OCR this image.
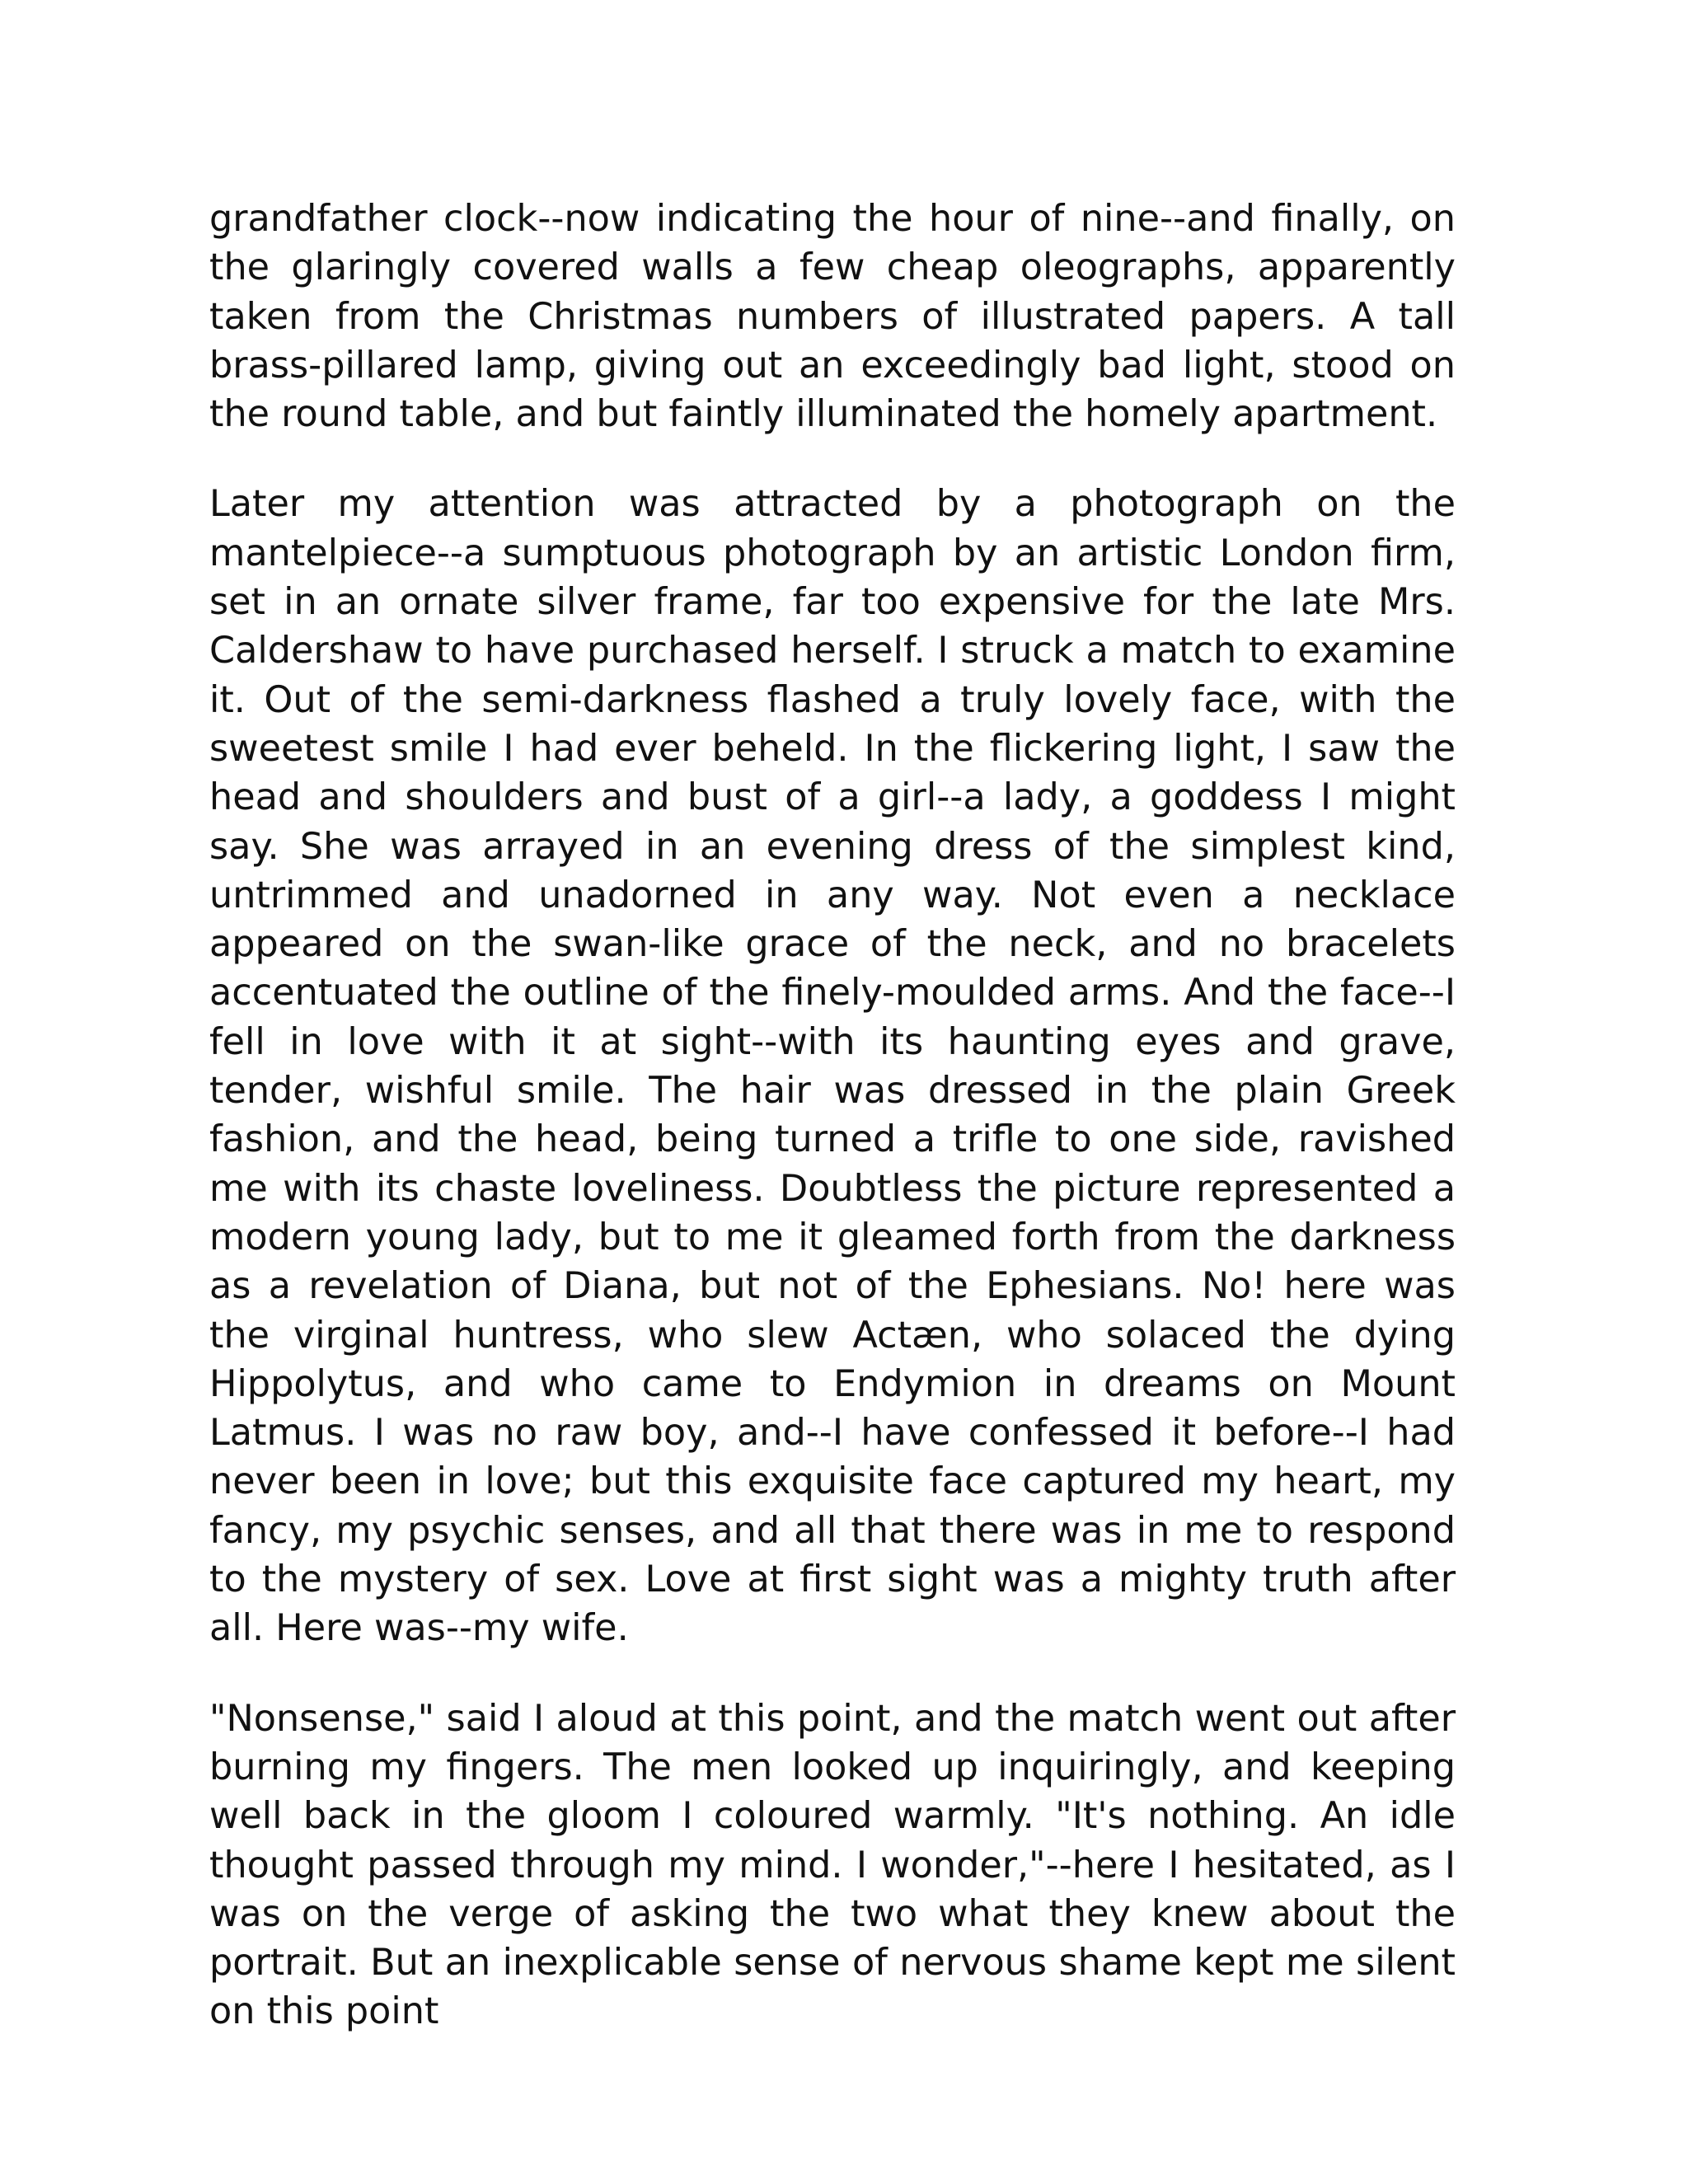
grandfather clock--now indicating the hour of nine--and finally, on the glaringly covered walls a few cheap oleographs, apparently taken from the Christmas numbers of illustrated papers. A tall brass-pillared lamp, giving out an exceedingly bad light, stood on the round table, and but faintly illuminated the homely apartment.

Later my attention was attracted by a photograph on the mantelpiece--a sumptuous photograph by an artistic London firm, set in an ornate silver frame, far too expensive for the late Mrs. Caldershaw to have purchased herself. I struck a match to examine it. Out of the semi-darkness flashed a truly lovely face, with the sweetest smile I had ever beheld. In the flickering light, I saw the head and shoulders and bust of a girl--a lady, a goddess I might say. She was arrayed in an evening dress of the simplest kind, untrimmed and unadorned in any way. Not even a necklace appeared on the swan-like grace of the neck, and no bracelets accentuated the outline of the finely-moulded arms. And the face--I fell in love with it at sight--with its haunting eyes and grave, tender, wishful smile. The hair was dressed in the plain Greek fashion, and the head, being turned a trifle to one side, ravished me with its chaste loveliness. Doubtless the picture represented a modern young lady, but to me it gleamed forth from the darkness as a revelation of Diana, but not of the Ephesians. No! here was the virginal huntress, who slew Actæn, who solaced the dying Hippolytus, and who came to Endymion in dreams on Mount Latmus. I was no raw boy, and--I have confessed it before--I had never been in love; but this exquisite face captured my heart, my fancy, my psychic senses, and all that there was in me to respond to the mystery of sex. Love at first sight was a mighty truth after all. Here was--my wife.

"Nonsense," said I aloud at this point, and the match went out after burning my fingers. The men looked up inquiringly, and keeping well back in the gloom I coloured warmly. "It's nothing. An idle thought passed through my mind. I wonder,"--here I hesitated, as I was on the verge of asking the two what they knew about the portrait. But an inexplicable sense of nervous shame kept me silent on this point
